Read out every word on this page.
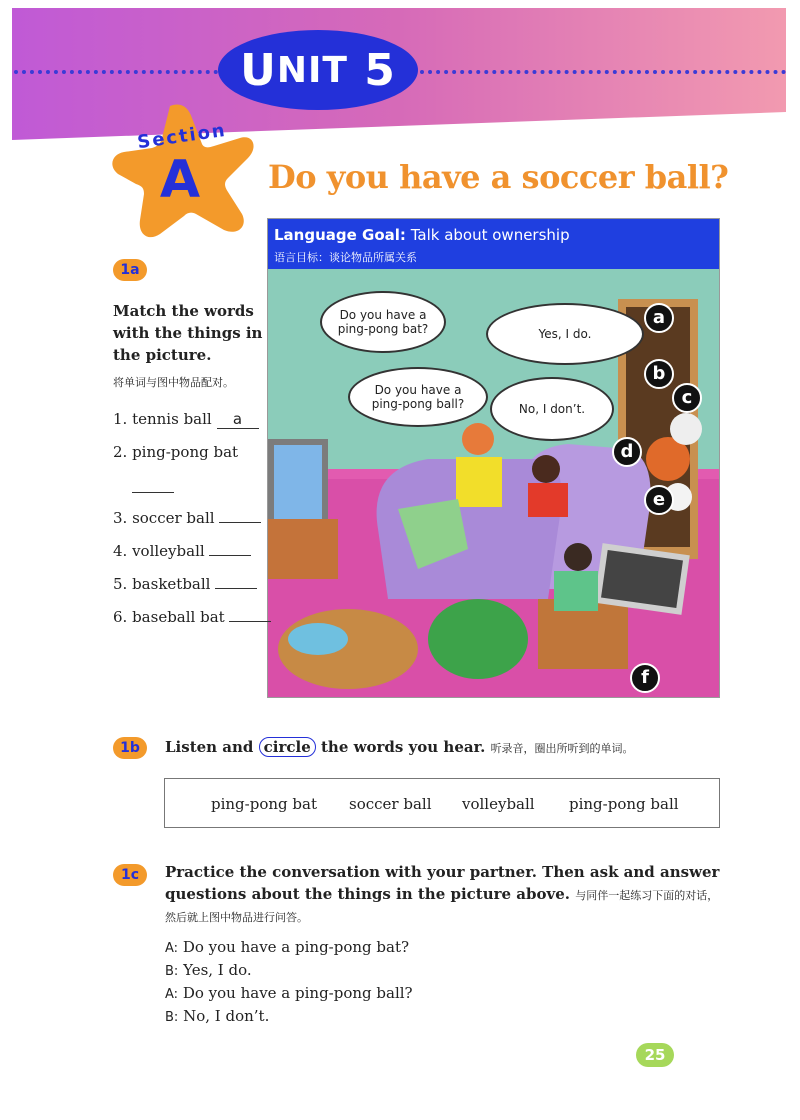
U NIT
5
Section
A	Do you have a soccer ball?
Language Goal: Talk about ownership
语言目标：谈论物品所属关系
Do you have a ping-pong bat?	Yes, I do.
Do you have a ping-pong ball?	No, I don’t.
a
b
c
d
e
f
1a
Match the words with the things in the picture.
将单词与图中物品配对。
1. tennis ball a
2. ping-pong bat
3. soccer ball
4. volleyball
5. basketball
6. baseball bat
1b	Listen and circle the words you hear. 听录音，圈出所听到的单词。
ping-pong bat soccer ball volleyball ping-pong ball
1c	Practice the conversation with your partner. Then ask and answer
questions about the things in the picture above. 与同伴一起练习下面的对话，
然后就上图中物品进行问答。
A: Do you have a ping-pong bat?
B: Yes, I do.
A: Do you have a ping-pong ball?
B: No, I don’t.
25
